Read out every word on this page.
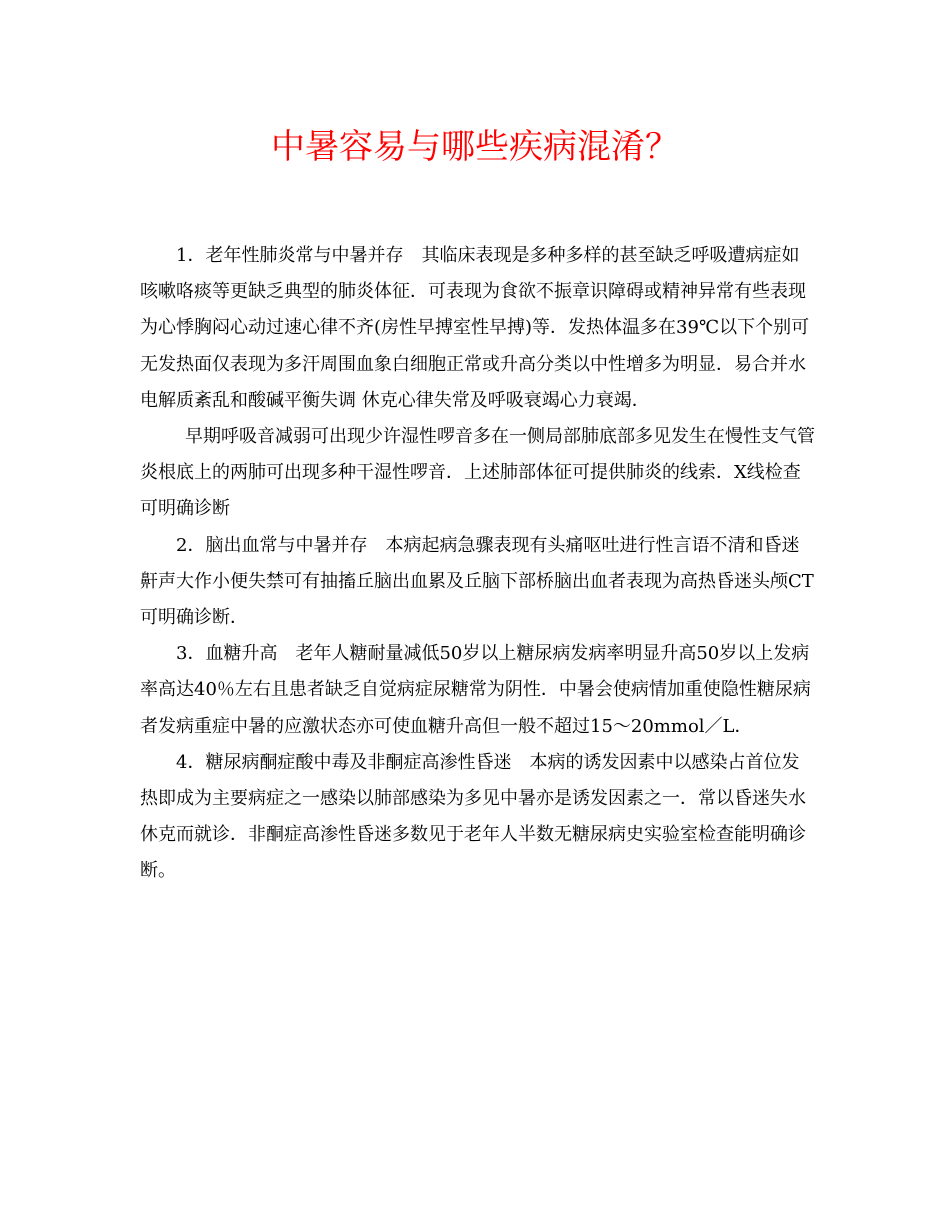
中暑容易与哪些疾病混淆？

1．老年性肺炎常与中暑并存　其临床表现是多种多样的甚至缺乏呼吸遭病症如咳嗽咯痰等更缺乏典型的肺炎体征．可表现为食欲不振章识障碍或精神异常有些表现为心悸胸闷心动过速心律不齐(房性早搏室性早搏)等．发热体温多在39℃以下个别可无发热面仅表现为多汗周围血象白细胞正常或升高分类以中性增多为明显．易合并水电解质紊乱和酸碱平衡失调 休克心律失常及呼吸衰竭心力衰竭．

早期呼吸音减弱可出现少许湿性啰音多在一侧局部肺底部多见发生在慢性支气管炎根底上的两肺可出现多种干湿性啰音．上述肺部体征可提供肺炎的线索．X线检查可明确诊断

2．脑出血常与中暑并存　本病起病急骤表现有头痛呕吐进行性言语不清和昏迷鼾声大作小便失禁可有抽搐丘脑出血累及丘脑下部桥脑出血者表现为高热昏迷头颅CT可明确诊断．

3．血糖升高　老年人糖耐量减低50岁以上糖尿病发病率明显升高50岁以上发病率高达40％左右且患者缺乏自觉病症尿糖常为阴性．中暑会使病情加重使隐性糖尿病者发病重症中暑的应激状态亦可使血糖升高但一般不超过15～20mmol／L．

4．糖尿病酮症酸中毒及非酮症高渗性昏迷　本病的诱发因素中以感染占首位发热即成为主要病症之一感染以肺部感染为多见中暑亦是诱发因素之一．常以昏迷失水休克而就诊．非酮症高渗性昏迷多数见于老年人半数无糖尿病史实验室检查能明确诊断。
